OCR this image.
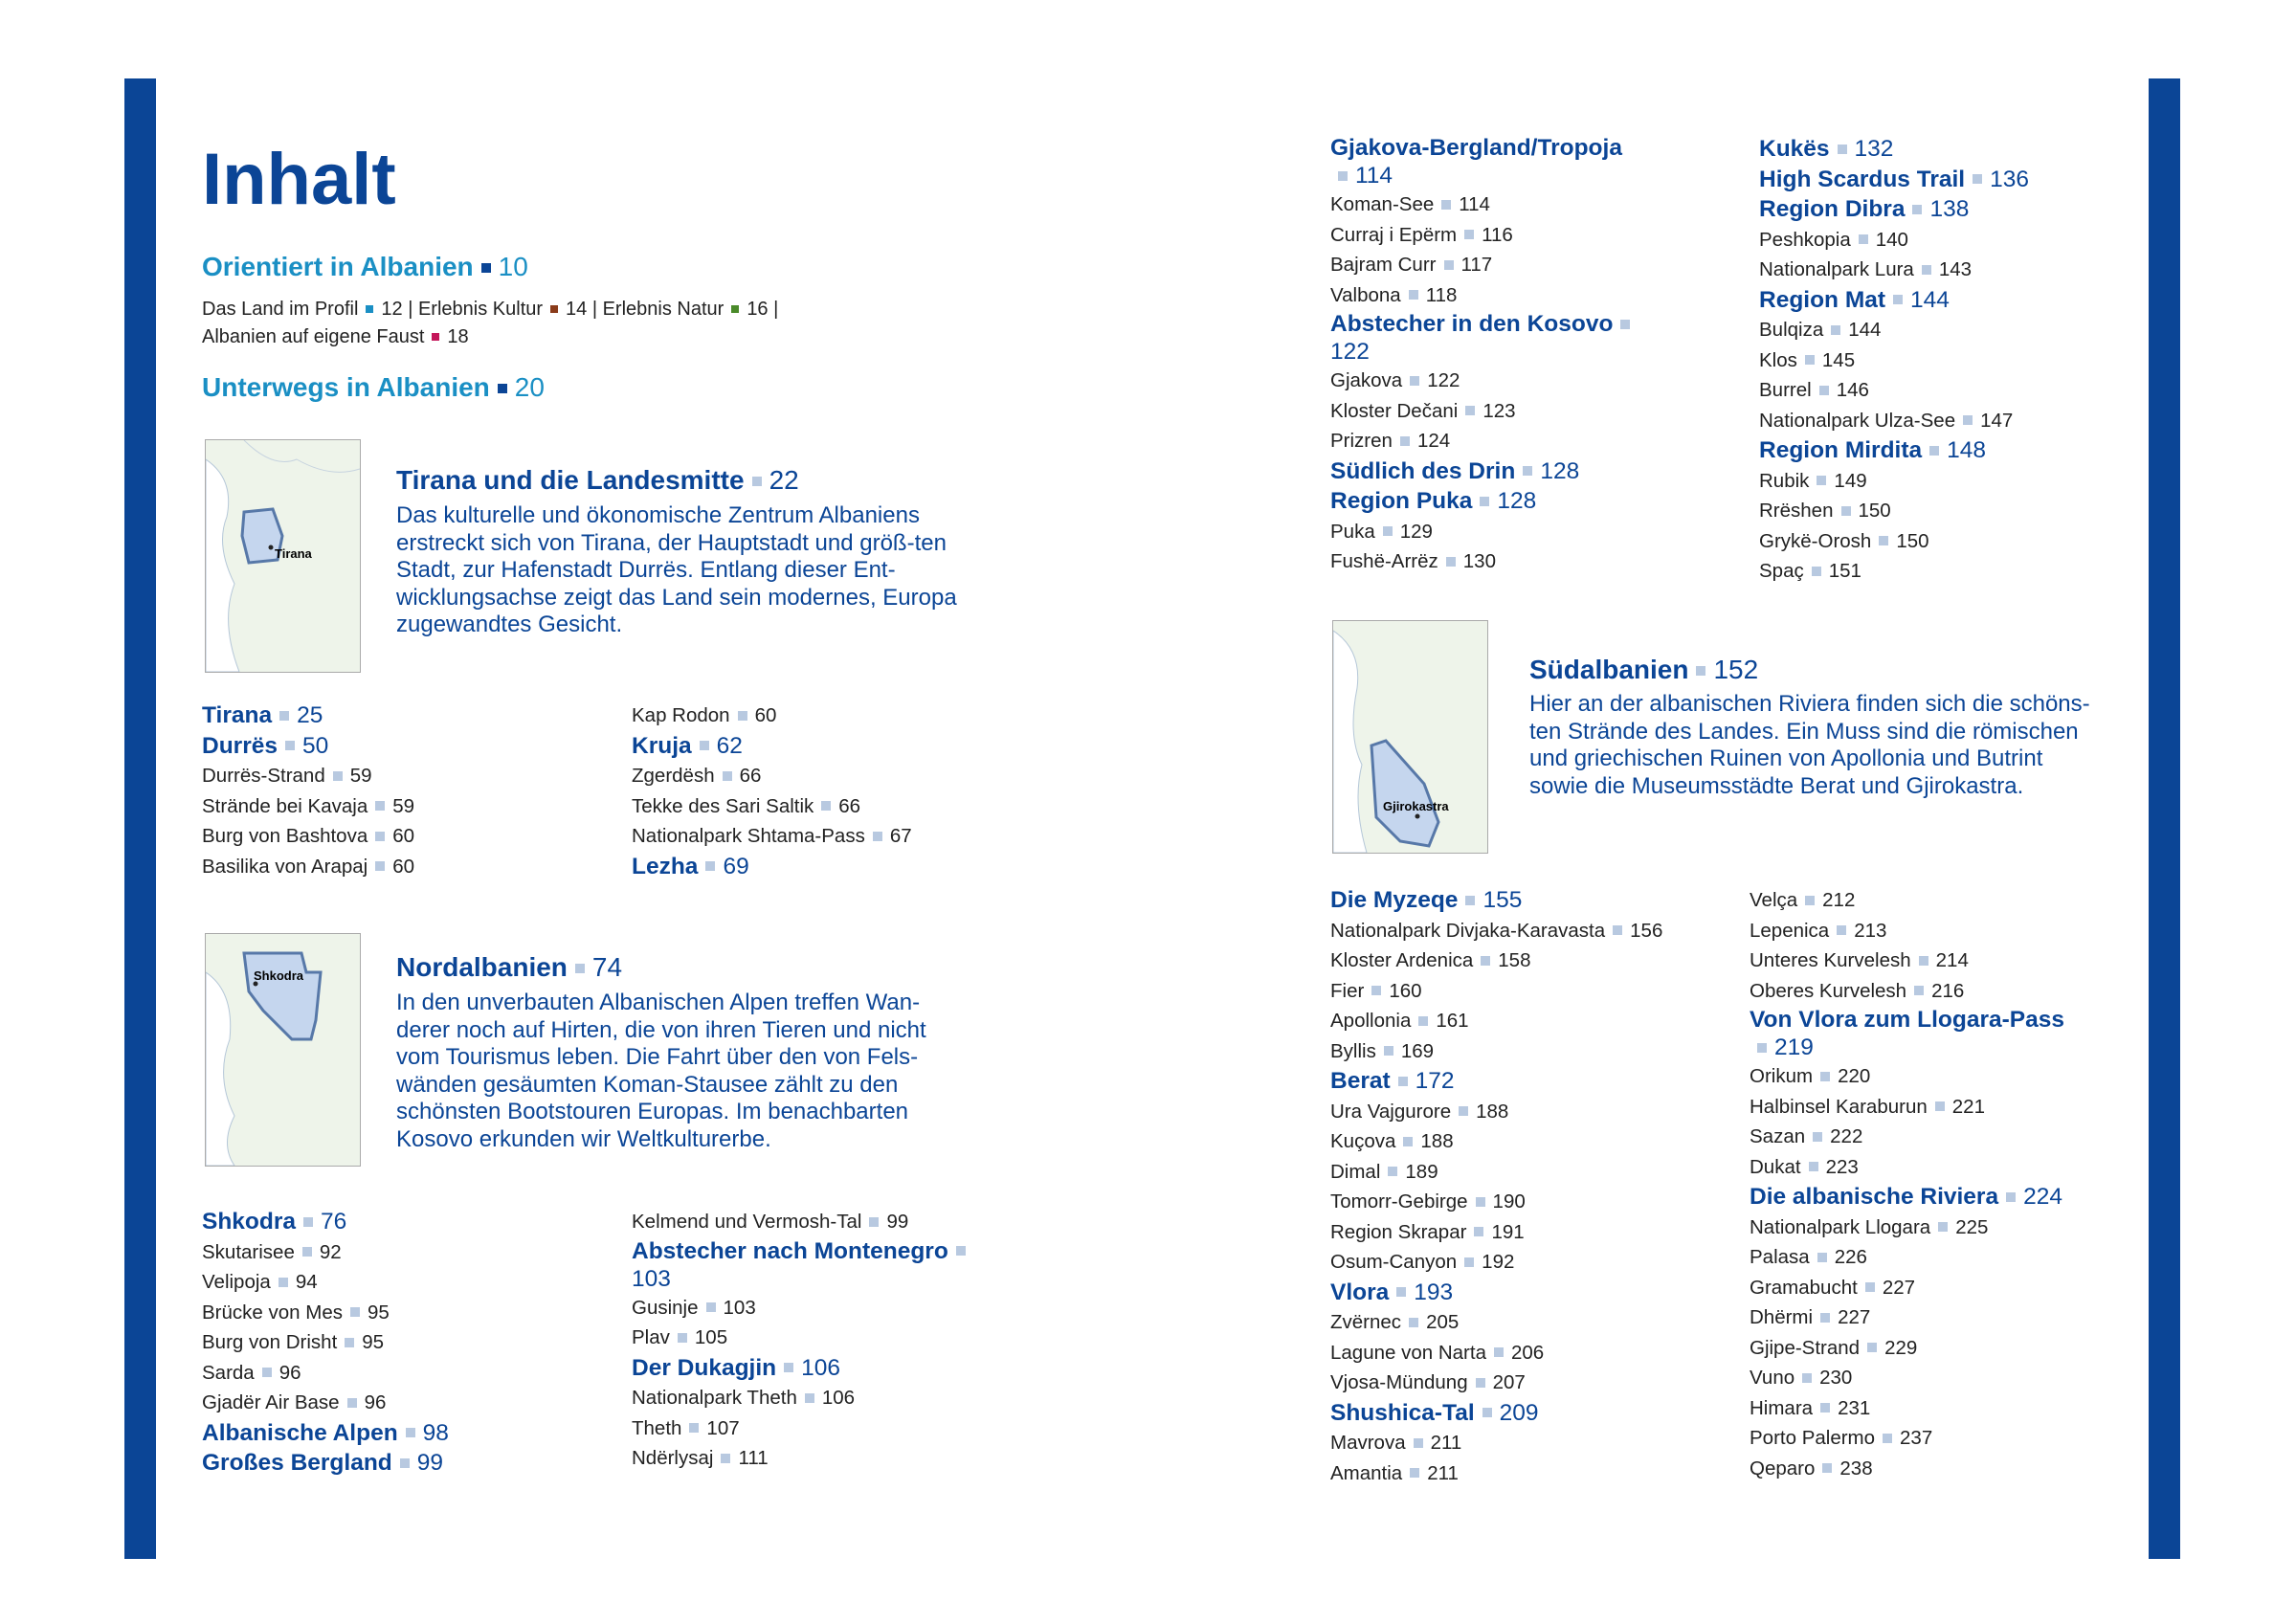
Inhalt
Orientiert in Albanien 10
Das Land im Profil 12 | Erlebnis Kultur 14 | Erlebnis Natur 16 |
Albanien auf eigene Faust 18
Unterwegs in Albanien 20
Tirana
Tirana und die Landesmitte 22
Das kulturelle und ökonomische Zentrum Albaniens erstreckt sich von Tirana, der Hauptstadt und größ-ten Stadt, zur Hafenstadt Durrës. Entlang dieser Ent-wicklungsachse zeigt das Land sein modernes, Europa zugewandtes Gesicht.
Tirana 25
Durrës 50
Durrës-Strand 59
Strände bei Kavaja 59
Burg von Bashtova 60
Basilika von Arapaj 60
Kap Rodon 60
Kruja 62
Zgerdësh 66
Tekke des Sari Saltik 66
Nationalpark Shtama-Pass 67
Lezha 69
Shkodra	Nordalbanien 74
In den unverbauten Albanischen Alpen treffen Wan-derer noch auf Hirten, die von ihren Tieren und nicht vom Tourismus leben. Die Fahrt über den von Fels-wänden gesäumten Koman-Stausee zählt zu den schönsten Bootstouren Europas. Im benachbarten Kosovo erkunden wir Weltkulturerbe.
Shkodra 76
Skutarisee 92
Velipoja 94
Brücke von Mes 95
Burg von Drisht 95
Sarda 96
Gjadër Air Base 96
Albanische Alpen 98
Großes Bergland 99
Kelmend und Vermosh-Tal 99
Abstecher nach Montenegro103
Gusinje 103
Plav 105
Der Dukagjin 106
Nationalpark Theth 106
Theth 107
Ndërlysaj 111
Gjakova-Bergland/Tropoja114
Koman-See 114
Curraj i Epërm 116
Bajram Curr 117
Valbona 118
Abstecher in den Kosovo122
Gjakova 122
Kloster Dečani 123
Prizren 124
Südlich des Drin 128
Region Puka 128
Puka 129
Fushë-Arrëz 130
Kukës 132
High Scardus Trail 136
Region Dibra 138
Peshkopia 140
Nationalpark Lura 143
Region Mat 144
Bulqiza 144
Klos 145
Burrel 146
Nationalpark Ulza-See 147
Region Mirdita 148
Rubik 149
Rrëshen 150
Grykë-Orosh 150
Spaç 151
Gjirokastra
Südalbanien 152
Hier an der albanischen Riviera finden sich die schöns-ten Strände des Landes. Ein Muss sind die römischen und griechischen Ruinen von Apollonia und Butrint sowie die Museumsstädte Berat und Gjirokastra.
Die Myzeqe 155
Nationalpark Divjaka-Karavasta 156
Kloster Ardenica 158
Fier 160
Apollonia 161
Byllis 169
Berat 172
Ura Vajgurore 188
Kuçova 188
Dimal 189
Tomorr-Gebirge 190
Region Skrapar 191
Osum-Canyon 192
Vlora 193
Zvërnec 205
Lagune von Narta 206
Vjosa-Mündung 207
Shushica-Tal 209
Mavrova 211
Amantia 211
Velça 212
Lepenica 213
Unteres Kurvelesh 214
Oberes Kurvelesh 216
Von Vlora zum Llogara-Pass219
Orikum 220
Halbinsel Karaburun 221
Sazan 222
Dukat 223
Die albanische Riviera 224
Nationalpark Llogara 225
Palasa 226
Gramabucht 227
Dhërmi 227
Gjipe-Strand 229
Vuno 230
Himara 231
Porto Palermo 237
Qeparo 238
